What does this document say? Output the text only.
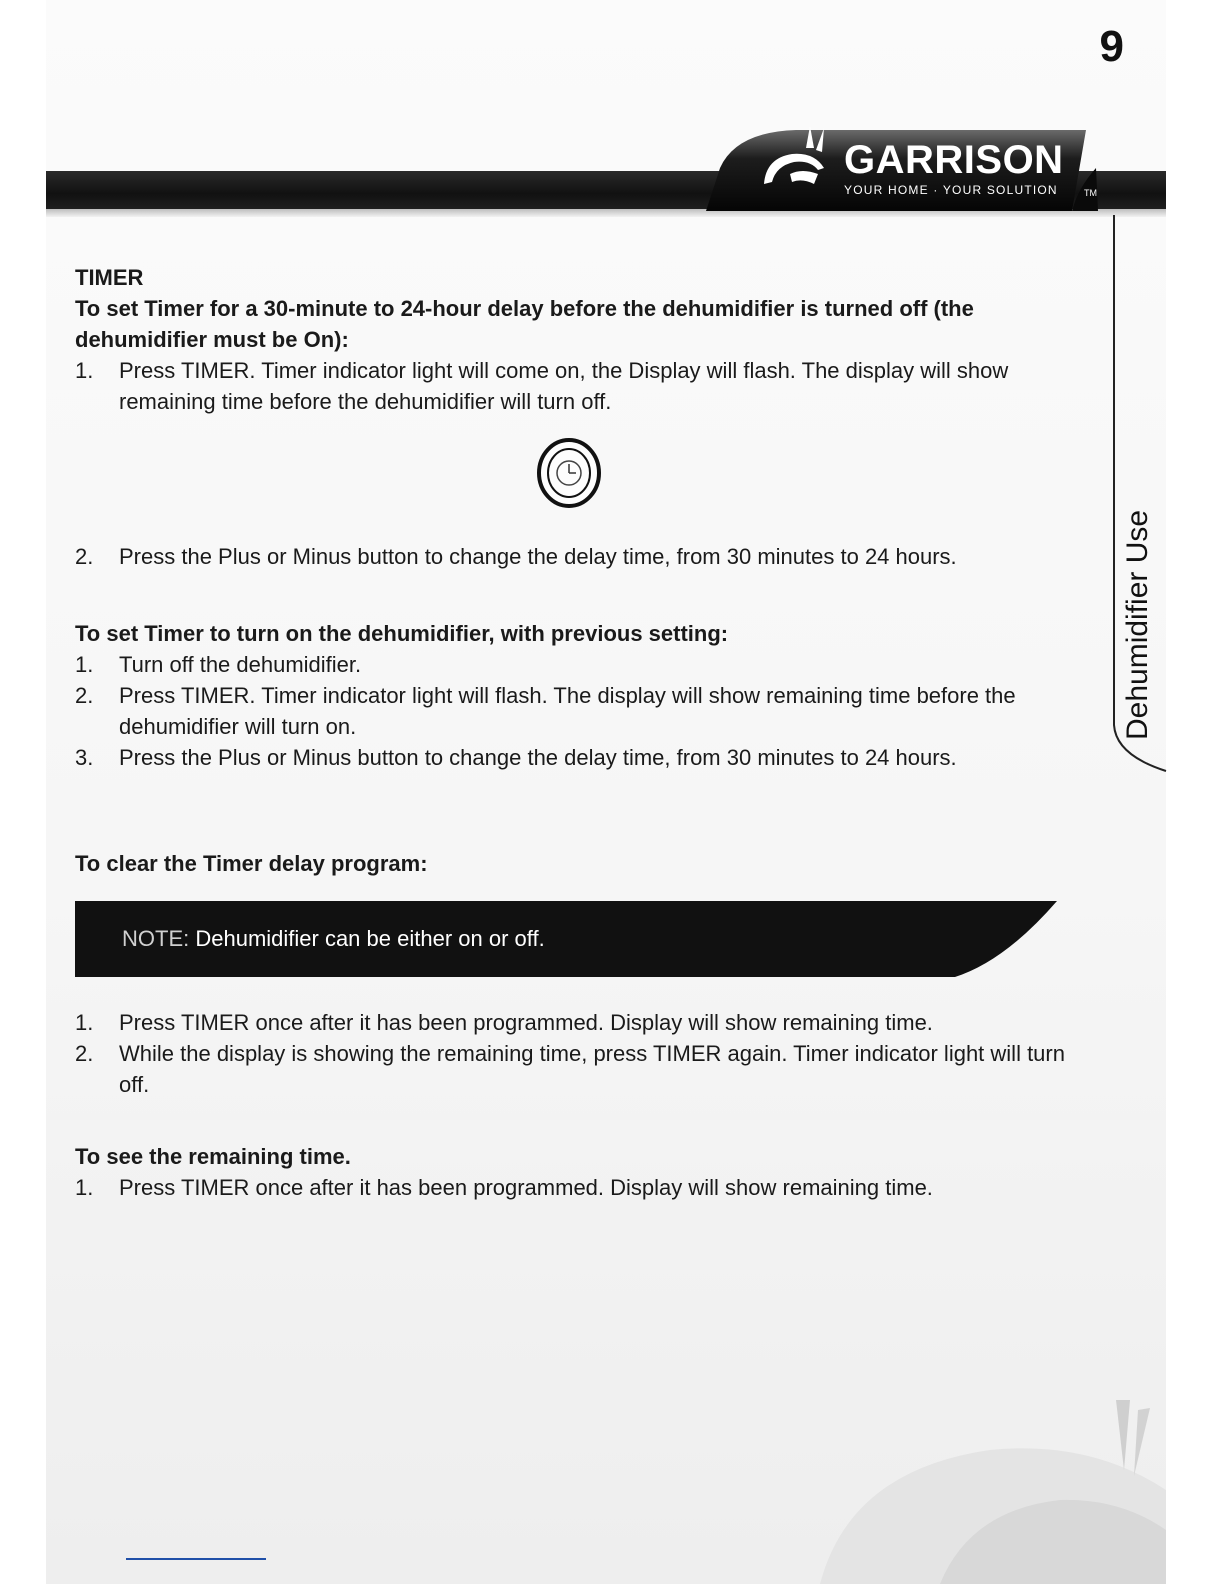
9
GARRISON
YOUR HOME · YOUR SOLUTION	TM
Dehumidifier Use

TIMER

To set Timer for a 30-minute to 24-hour delay before the dehumidifier is turned off (the dehumidifier must be On):

1. Press TIMER. Timer indicator light will come on, the Display will flash. The display will show remaining time before the dehumidifier will turn off.
2. Press the Plus or Minus button to change the delay time, from 30 minutes to 24 hours.

To set Timer to turn on the dehumidifier, with previous setting:

1. Turn off the dehumidifier.
2. Press TIMER. Timer indicator light will flash. The display will show remaining time before the dehumidifier will turn on.
3. Press the Plus or Minus button to change the delay time, from 30 minutes to 24 hours.

To clear the Timer delay program:

NOTE: Dehumidifier can be either on or off.
1. Press TIMER once after it has been programmed. Display will show remaining time.
2. While the display is showing the remaining time, press TIMER again. Timer indicator light will turn off.

To see the remaining time.

1. Press TIMER once after it has been programmed. Display will show remaining time.
